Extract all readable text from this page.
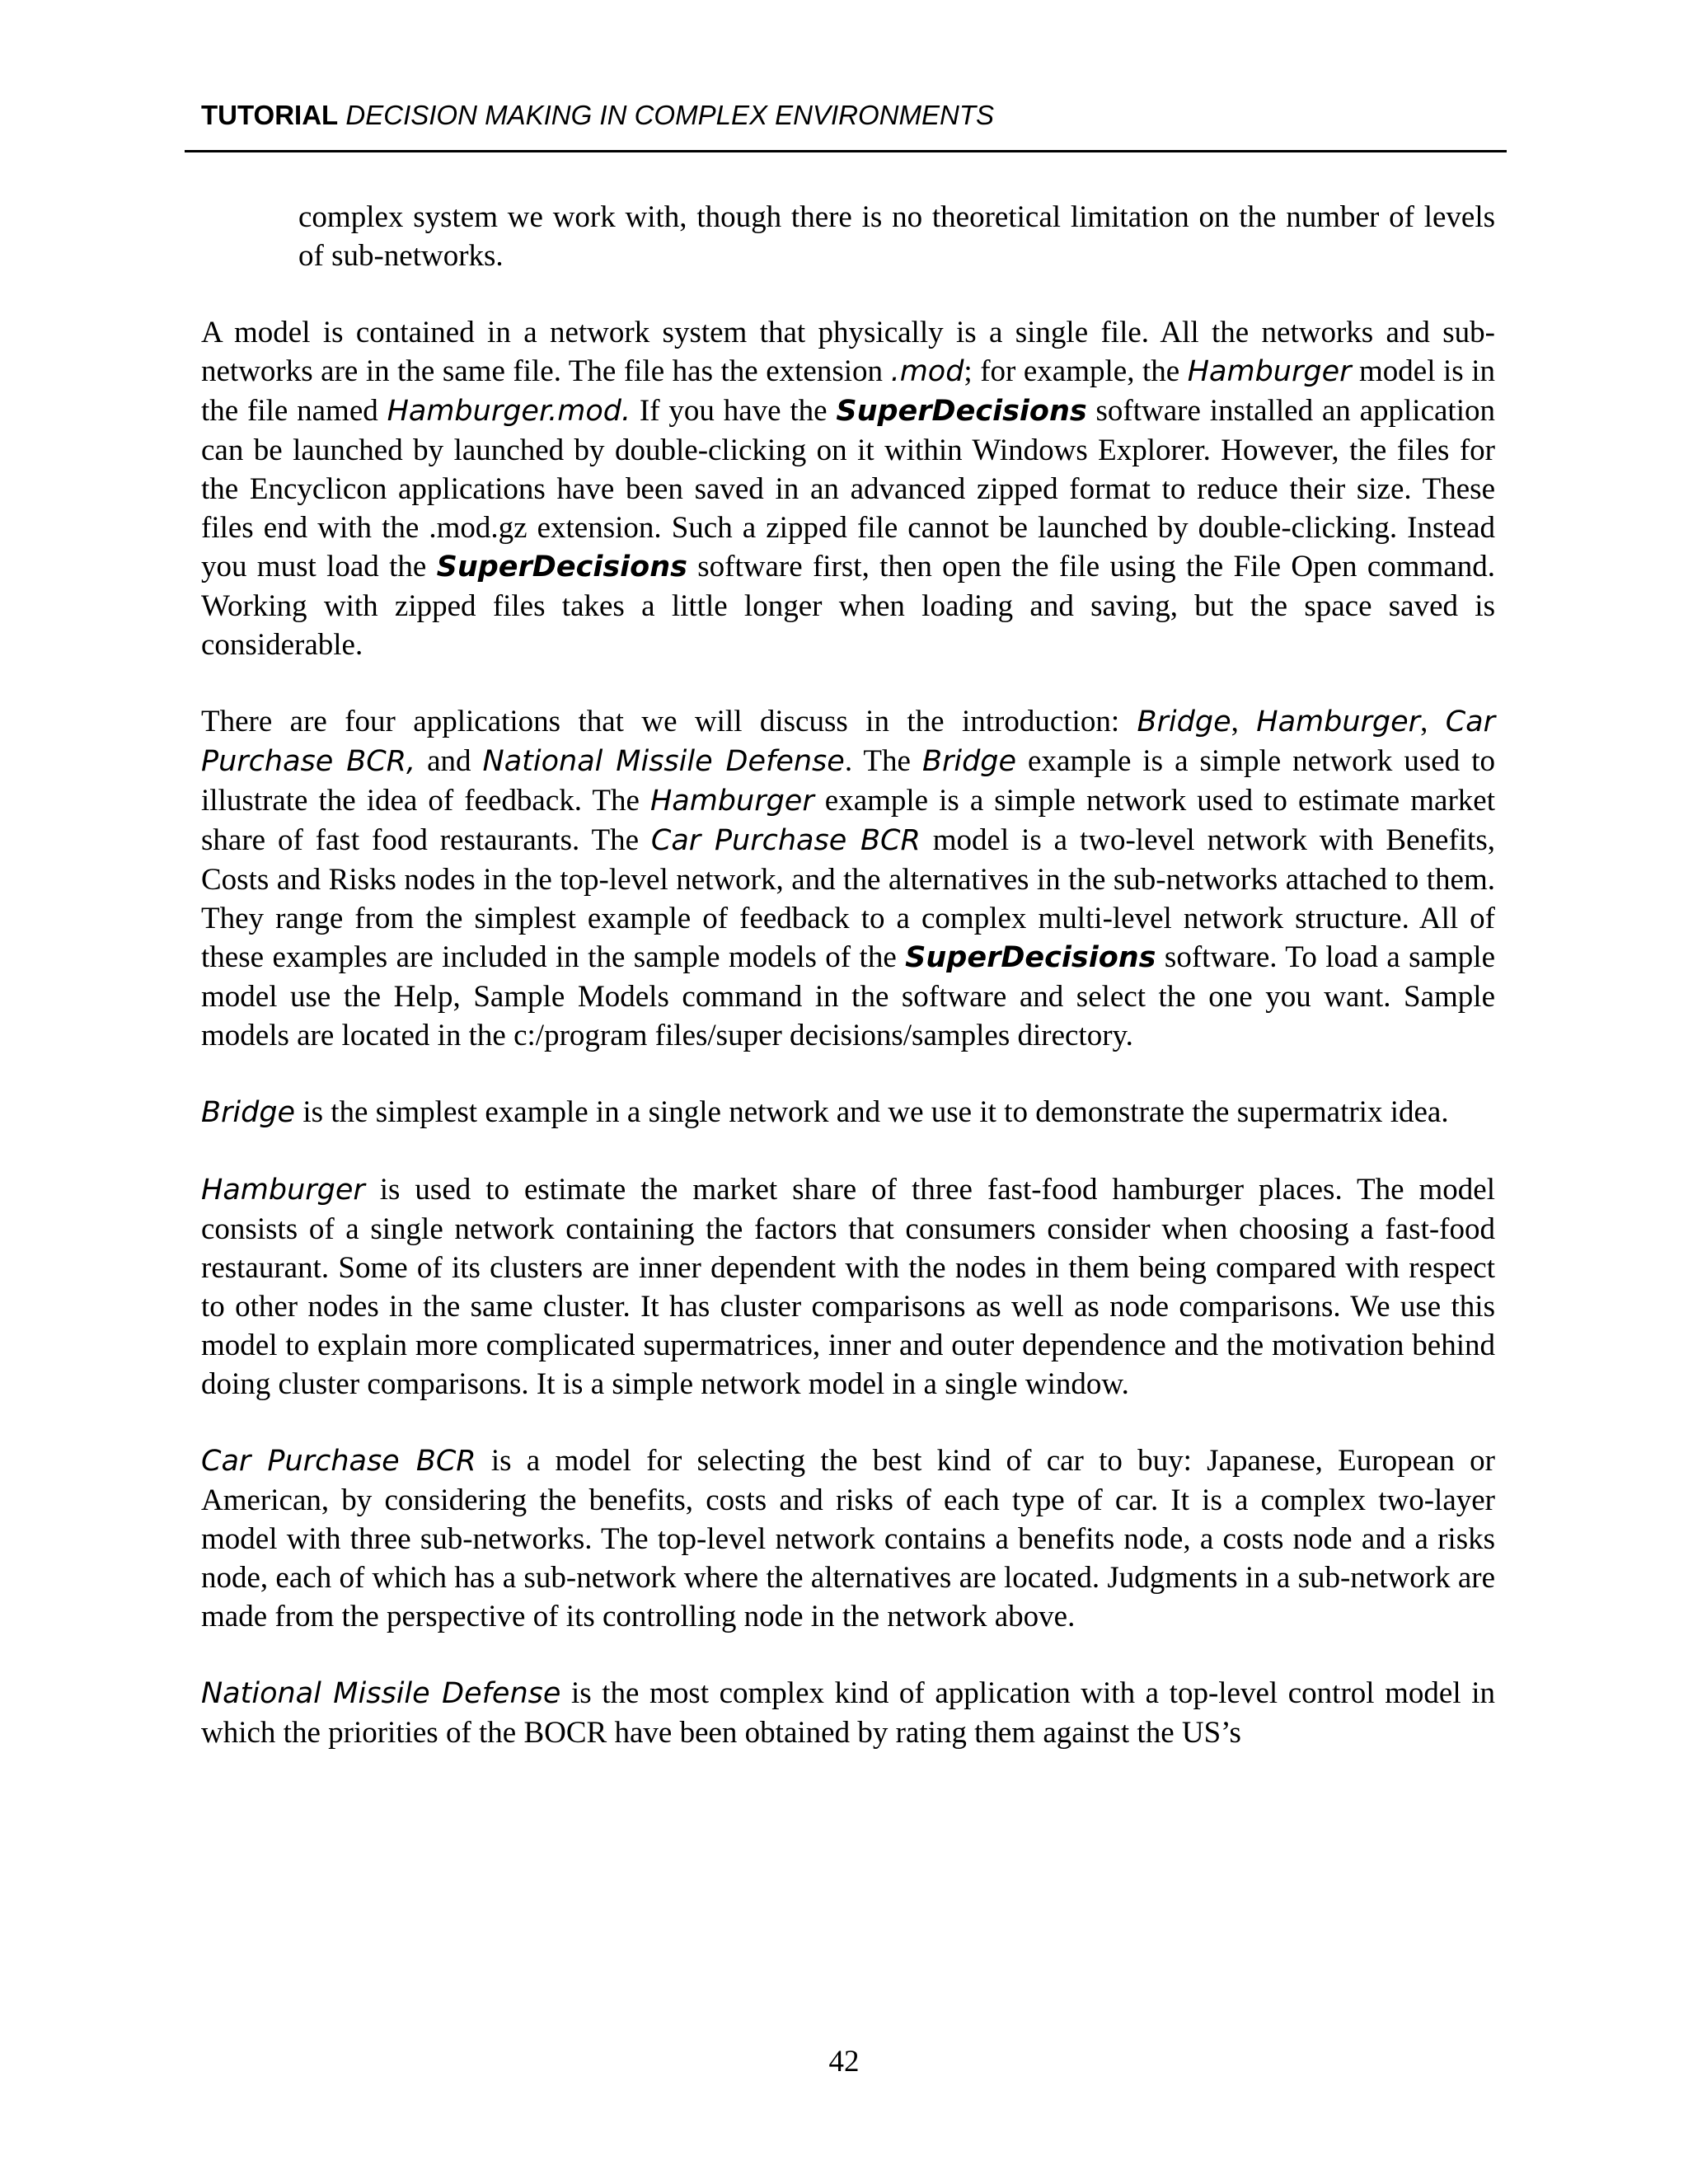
TUTORIAL DECISION MAKING IN COMPLEX ENVIRONMENTS

complex system we work with, though there is no theoretical limitation on the number of levels of sub-networks.

A model is contained in a network system that physically is a single file. All the networks and sub-networks are in the same file. The file has the extension .mod; for example, the Hamburger model is in the file named Hamburger.mod. If you have the SuperDecisions software installed an application can be launched by launched by double-clicking on it within Windows Explorer. However, the files for the Encyclicon applications have been saved in an advanced zipped format to reduce their size. These files end with the .mod.gz extension. Such a zipped file cannot be launched by double-clicking. Instead you must load the SuperDecisions software first, then open the file using the File Open command. Working with zipped files takes a little longer when loading and saving, but the space saved is considerable.

There are four applications that we will discuss in the introduction: Bridge, Hamburger, Car Purchase BCR, and National Missile Defense. The Bridge example is a simple network used to illustrate the idea of feedback. The Hamburger example is a simple network used to estimate market share of fast food restaurants. The Car Purchase BCR model is a two-level network with Benefits, Costs and Risks nodes in the top-level network, and the alternatives in the sub-networks attached to them. They range from the simplest example of feedback to a complex multi-level network structure. All of these examples are included in the sample models of the SuperDecisions software. To load a sample model use the Help, Sample Models command in the software and select the one you want. Sample models are located in the c:/program files/super decisions/samples directory.

Bridge is the simplest example in a single network and we use it to demonstrate the supermatrix idea.

Hamburger is used to estimate the market share of three fast-food hamburger places. The model consists of a single network containing the factors that consumers consider when choosing a fast-food restaurant. Some of its clusters are inner dependent with the nodes in them being compared with respect to other nodes in the same cluster. It has cluster comparisons as well as node comparisons. We use this model to explain more complicated supermatrices, inner and outer dependence and the motivation behind doing cluster comparisons. It is a simple network model in a single window.

Car Purchase BCR is a model for selecting the best kind of car to buy: Japanese, European or American, by considering the benefits, costs and risks of each type of car. It is a complex two-layer model with three sub-networks. The top-level network contains a benefits node, a costs node and a risks node, each of which has a sub-network where the alternatives are located. Judgments in a sub-network are made from the perspective of its controlling node in the network above.

National Missile Defense is the most complex kind of application with a top-level control model in which the priorities of the BOCR have been obtained by rating them against the US’s

42
